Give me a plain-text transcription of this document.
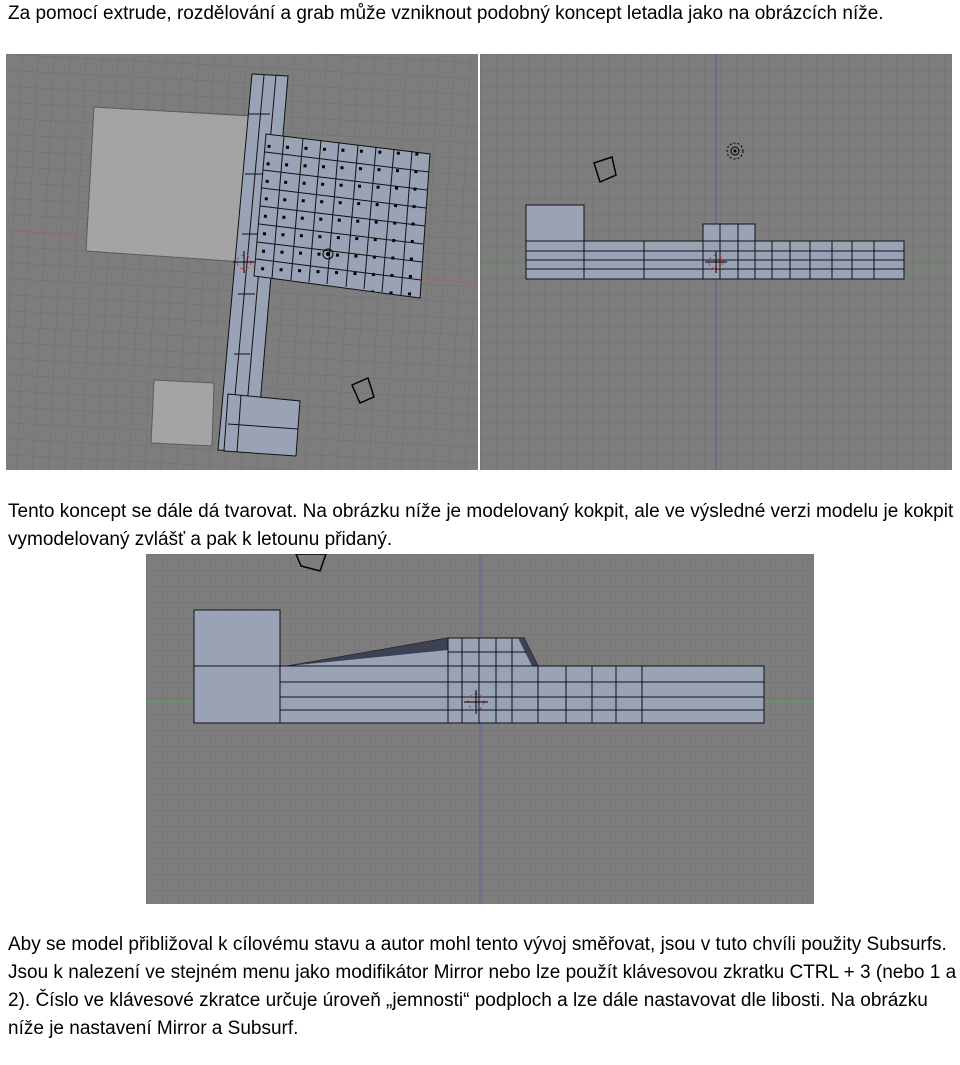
Za pomocí extrude, rozdělování a grab může vzniknout podobný koncept letadla jako na obrázcích níže.

Tento koncept se dále dá tvarovat. Na obrázku níže je modelovaný kokpit, ale ve výsledné verzi modelu je kokpit vymodelovaný zvlášť a pak k letounu přidaný.

Aby se model přibližoval k cílovému stavu a autor mohl tento vývoj směřovat, jsou v tuto chvíli použity Subsurfs. Jsou k nalezení ve stejném menu jako modifikátor Mirror nebo lze použít klávesovou zkratku CTRL + 3 (nebo 1 a 2). Číslo ve klávesové zkratce určuje úroveň „jemnosti“ podploch a lze dále nastavovat dle libosti. Na obrázku níže je nastavení Mirror a Subsurf.
